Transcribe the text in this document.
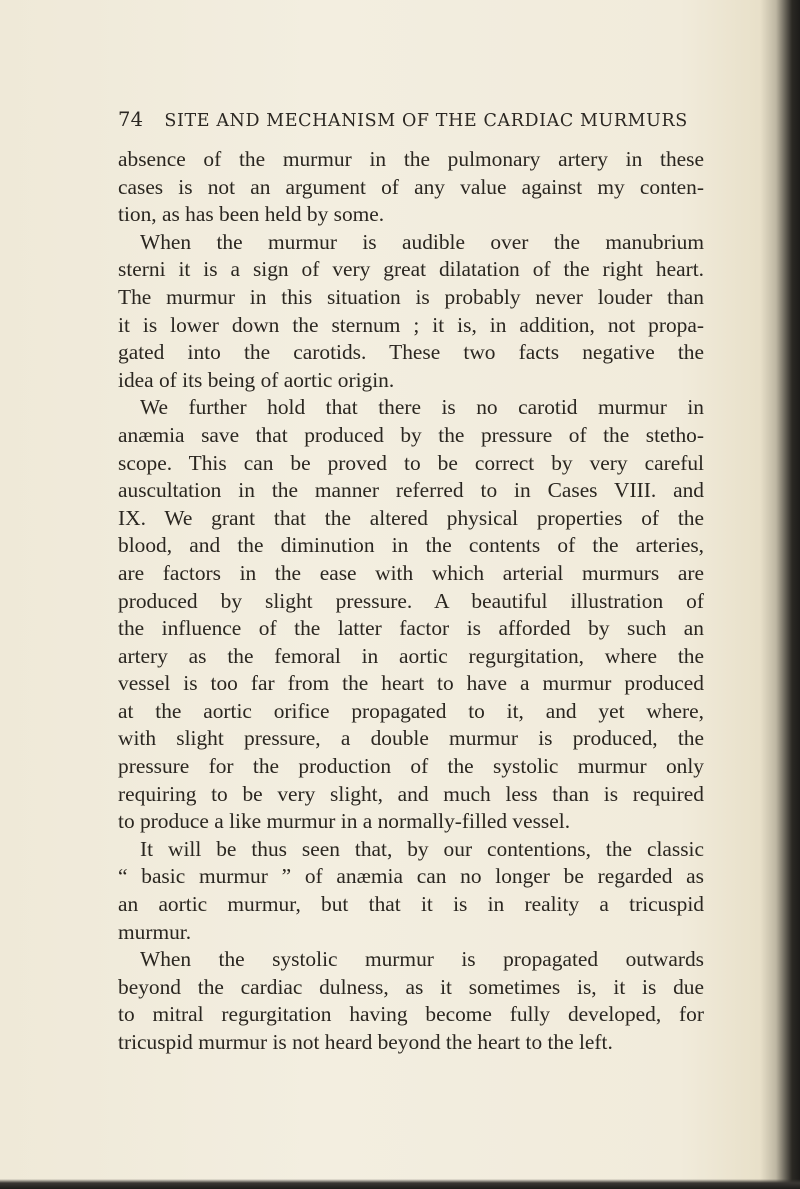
74 SITE AND MECHANISM OF THE CARDIAC MURMURS
absence of the murmur in the pulmonary artery in these
cases is not an argument of any value against my conten-
tion, as has been held by some.
When the murmur is audible over the manubrium
sterni it is a sign of very great dilatation of the right heart.
The murmur in this situation is probably never louder than
it is lower down the sternum ; it is, in addition, not propa-
gated into the carotids. These two facts negative the
idea of its being of aortic origin.
We further hold that there is no carotid murmur in
anæmia save that produced by the pressure of the stetho-
scope. This can be proved to be correct by very careful
auscultation in the manner referred to in Cases VIII. and
IX. We grant that the altered physical properties of the
blood, and the diminution in the contents of the arteries,
are factors in the ease with which arterial murmurs are
produced by slight pressure. A beautiful illustration of
the influence of the latter factor is afforded by such an
artery as the femoral in aortic regurgitation, where the
vessel is too far from the heart to have a murmur produced
at the aortic orifice propagated to it, and yet where,
with slight pressure, a double murmur is produced, the
pressure for the production of the systolic murmur only
requiring to be very slight, and much less than is required
to produce a like murmur in a normally-filled vessel.
It will be thus seen that, by our contentions, the classic
“ basic murmur ” of anæmia can no longer be regarded as
an aortic murmur, but that it is in reality a tricuspid
murmur.
When the systolic murmur is propagated outwards
beyond the cardiac dulness, as it sometimes is, it is due
to mitral regurgitation having become fully developed, for
tricuspid murmur is not heard beyond the heart to the left.
